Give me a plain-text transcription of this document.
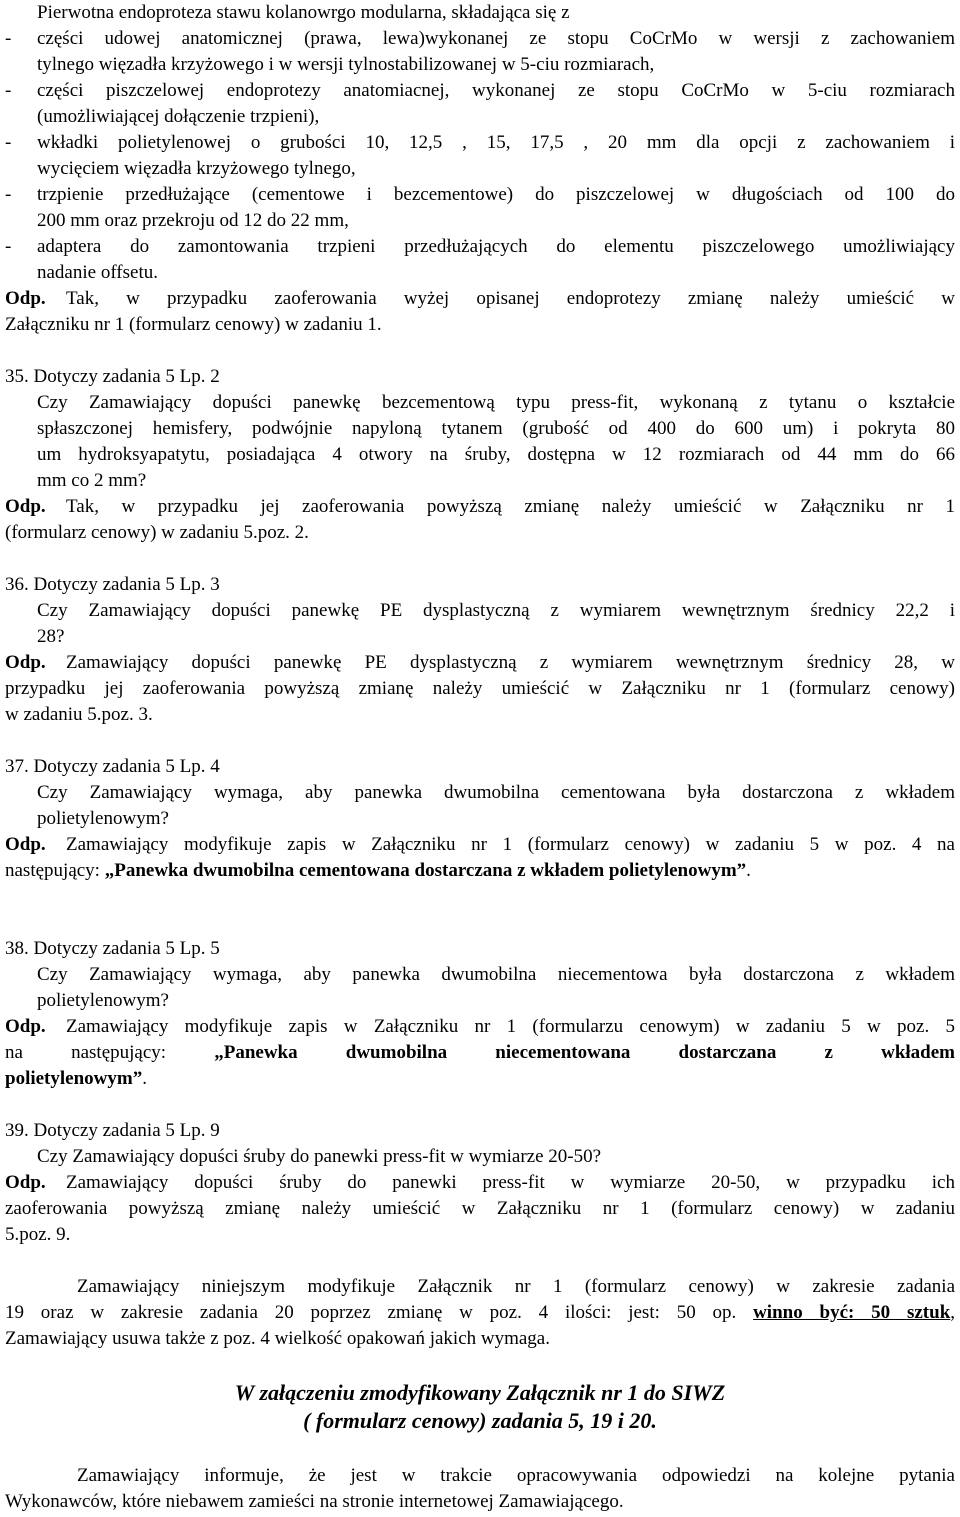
Pierwotna endoproteza stawu kolanowrgo modularna, składająca się z
- części udowej anatomicznej (prawa, lewa)wykonanej ze stopu CoCrMo w wersji z zachowaniem
tylnego więzadła krzyżowego i w wersji tylnostabilizowanej w 5-ciu rozmiarach,
- części piszczelowej endoprotezy anatomiacnej, wykonanej ze stopu CoCrMo w 5-ciu rozmiarach
(umożliwiającej dołączenie trzpieni),
- wkładki polietylenowej o grubości 10, 12,5 , 15, 17,5 , 20 mm dla opcji z zachowaniem i
wycięciem więzadła krzyżowego tylnego,
- trzpienie przedłużające (cementowe i bezcementowe) do piszczelowej w długościach od 100 do
200 mm oraz przekroju od 12 do 22 mm,
- adaptera do zamontowania trzpieni przedłużających do elementu piszczelowego umożliwiający
nadanie offsetu.
Odp. Tak, w przypadku zaoferowania wyżej opisanej endoprotezy zmianę należy umieścić w
Załączniku nr 1 (formularz cenowy) w zadaniu 1.
35. Dotyczy zadania 5 Lp. 2
Czy Zamawiający dopuści panewkę bezcementową typu press-fit, wykonaną z tytanu o kształcie
spłaszczonej hemisfery, podwójnie napyloną tytanem (grubość od 400 do 600 um) i pokryta 80
um hydroksyapatytu, posiadająca 4 otwory na śruby, dostępna w 12 rozmiarach od 44 mm do 66
mm co 2 mm?
Odp. Tak, w przypadku jej zaoferowania powyższą zmianę należy umieścić w Załączniku nr 1
(formularz cenowy) w zadaniu 5.poz. 2.
36. Dotyczy zadania 5 Lp. 3
Czy Zamawiający dopuści panewkę PE dysplastyczną z wymiarem wewnętrznym średnicy 22,2 i
28?
Odp. Zamawiający dopuści panewkę PE dysplastyczną z wymiarem wewnętrznym średnicy 28, w
przypadku jej zaoferowania powyższą zmianę należy umieścić w Załączniku nr 1 (formularz cenowy)
w zadaniu 5.poz. 3.
37. Dotyczy zadania 5 Lp. 4
Czy Zamawiający wymaga, aby panewka dwumobilna cementowana była dostarczona z wkładem
polietylenowym?
Odp. Zamawiający modyfikuje zapis w Załączniku nr 1 (formularz cenowy) w zadaniu 5 w poz. 4 na
następujący: „Panewka dwumobilna cementowana dostarczana z wkładem polietylenowym”.
38. Dotyczy zadania 5 Lp. 5
Czy Zamawiający wymaga, aby panewka dwumobilna niecementowa była dostarczona z wkładem
polietylenowym?
Odp. Zamawiający modyfikuje zapis w Załączniku nr 1 (formularzu cenowym) w zadaniu 5 w poz. 5
na następujący: „Panewka dwumobilna niecementowana dostarczana z wkładem
polietylenowym”.
39. Dotyczy zadania 5 Lp. 9
Czy Zamawiający dopuści śruby do panewki press-fit w wymiarze 20-50?
Odp. Zamawiający dopuści śruby do panewki press-fit w wymiarze 20-50, w przypadku ich
zaoferowania powyższą zmianę należy umieścić w Załączniku nr 1 (formularz cenowy) w zadaniu
5.poz. 9.
Zamawiający niniejszym modyfikuje Załącznik nr 1 (formularz cenowy) w zakresie zadania
19 oraz w zakresie zadania 20 poprzez zmianę w poz. 4 ilości: jest: 50 op. winno być: 50 sztuk,
Zamawiający usuwa także z poz. 4 wielkość opakowań jakich wymaga.
W załączeniu zmodyfikowany Załącznik nr 1 do SIWZ
( formularz cenowy) zadania 5, 19 i 20.
Zamawiający informuje, że jest w trakcie opracowywania odpowiedzi na kolejne pytania
Wykonawców, które niebawem zamieści na stronie internetowej Zamawiającego.
